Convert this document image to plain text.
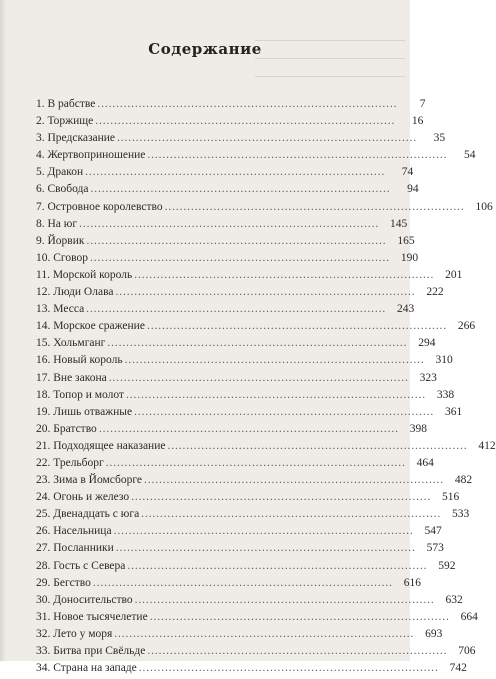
Содержание
1. В рабстве . . .	7
2. Торжище . . .	16
3. Предсказание . . .	35
4. Жертвоприношение . . .	54
5. Дракон . . .	74
6. Свобода . . .	94
7. Островное королевство . . .	106
8. На юг . . .	145
9. Йорвик . . .	165
10. Сговор . . .	190
11. Морской король . . .	201
12. Люди Олава . . .	222
13. Месса . . .	243
14. Морское сражение . . .	266
15. Хольмганг . . .	294
16. Новый король . . .	310
17. Вне закона . . .	323
18. Топор и молот . . .	338
19. Лишь отважные . . .	361
20. Братство . . .	398
21. Подходящее наказание . . .	412
22. Трельборг . . .	464
23. Зима в Йомсборге . . .	482
24. Огонь и железо . . .	516
25. Двенадцать с юга . . .	533
26. Насельница . . .	547
27. Посланники . . .	573
28. Гость с Севера . . .	592
29. Бегство . . .	616
30. Доносительство . . .	632
31. Новое тысячелетие . . .	664
32. Лето у моря . . .	693
33. Битва при Свёльде . . .	706
34. Страна на западе . . .	742
